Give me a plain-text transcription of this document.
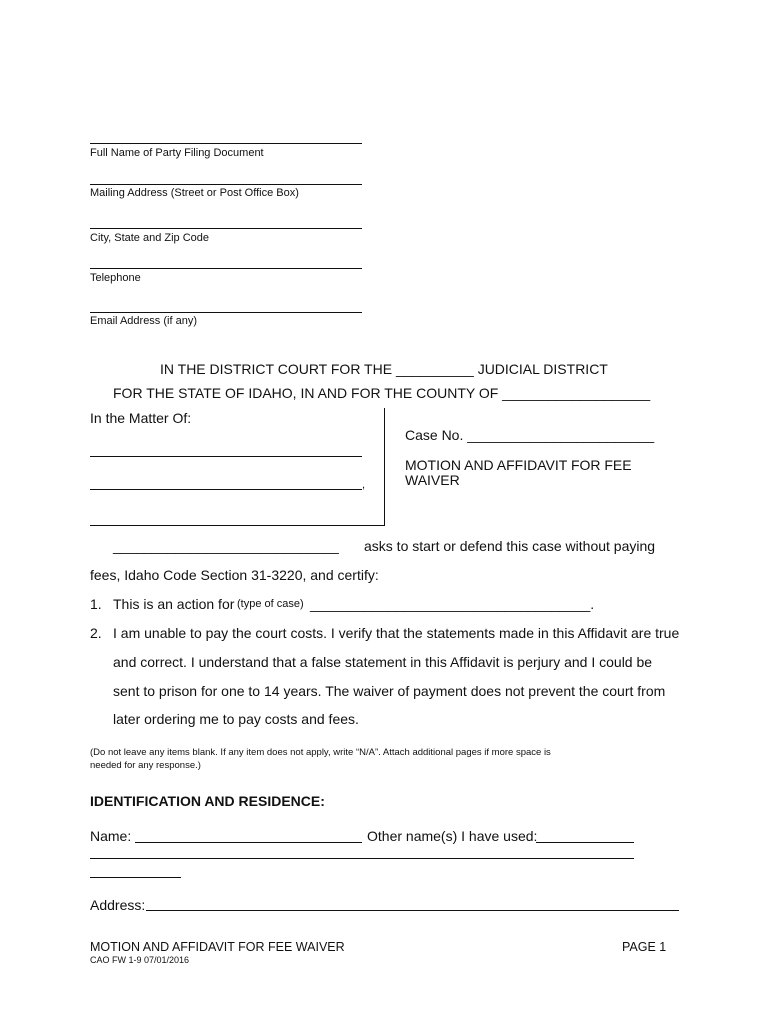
Full Name of Party Filing Document
Mailing Address (Street or Post Office Box)
City, State and Zip Code
Telephone
Email Address (if any)
IN THE DISTRICT COURT FOR THE __________ JUDICIAL DISTRICT
FOR THE STATE OF IDAHO, IN AND FOR THE COUNTY OF ___________________
In the Matter Of:
,
Case No. ________________________
MOTION AND AFFIDAVIT FOR FEE
WAIVER
_____________________________ asks to start or defend this case without paying
fees, Idaho Code Section 31-3220, and certify:
1. This is an action for (type of case) ____________________________________.
2. I am unable to pay the court costs. I verify that the statements made in this Affidavit are true
and correct. I understand that a false statement in this Affidavit is perjury and I could be
sent to prison for one to 14 years. The waiver of payment does not prevent the court from
later ordering me to pay costs and fees.
(Do not leave any items blank. If any item does not apply, write “N/A”. Attach additional pages if more space is
needed for any response.)
IDENTIFICATION AND RESIDENCE:
Name:	Other name(s) I have used:
Address:
MOTION AND AFFIDAVIT FOR FEE WAIVER	PAGE 1
CAO FW 1-9 07/01/2016
